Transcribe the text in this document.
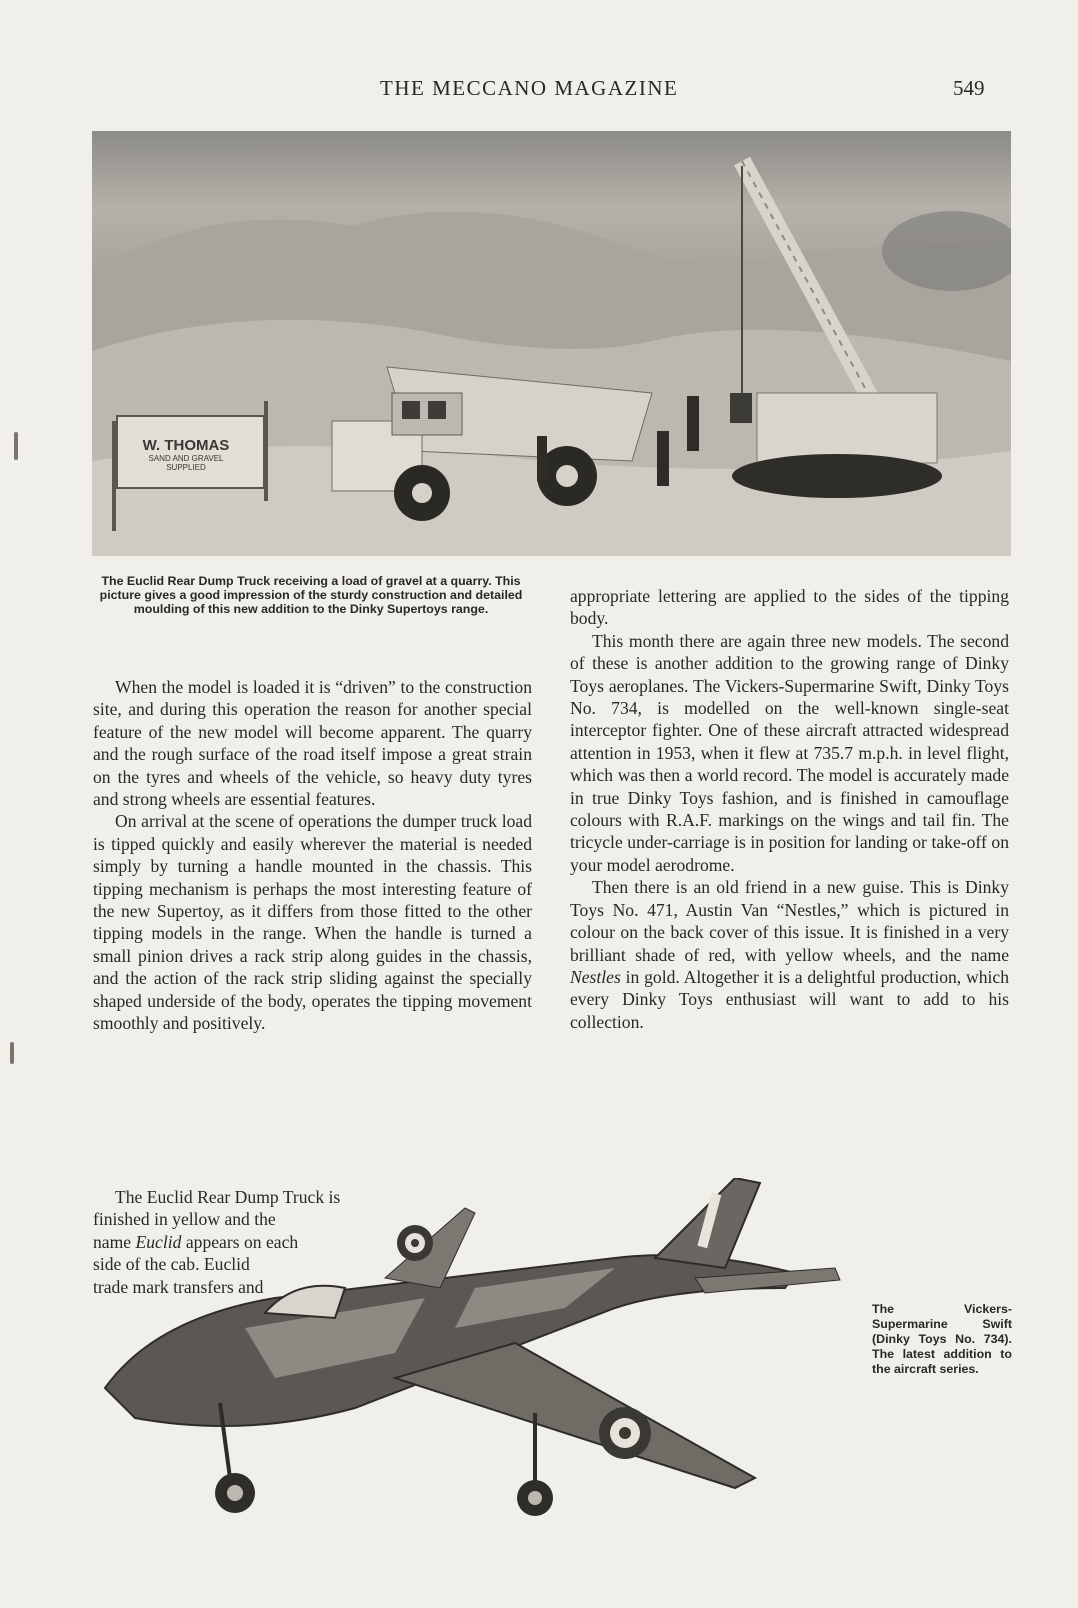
THE MECCANO MAGAZINE	549
W. THOMAS
SAND AND GRAVEL
SUPPLIED
The Euclid Rear Dump Truck receiving a load of gravel at a quarry. This picture gives a good impression of the sturdy construction and detailed moulding of this new addition to the Dinky Supertoys range.

When the model is loaded it is “driven” to the construction site, and during this operation the reason for another special feature of the new model will become apparent. The quarry and the rough surface of the road itself impose a great strain on the tyres and wheels of the vehicle, so heavy duty tyres and strong wheels are essential features.

On arrival at the scene of operations the dumper truck load is tipped quickly and easily wherever the material is needed simply by turning a handle mounted in the chassis. This tipping mechanism is perhaps the most interesting feature of the new Supertoy, as it differs from those fitted to the other tipping models in the range. When the handle is turned a small pinion drives a rack strip along guides in the chassis, and the action of the rack strip sliding against the specially shaped underside of the body, operates the tipping movement smoothly and positively.

The Euclid Rear Dump Truck is

finished in yellow and the

name Euclid appears on each

side of the cab. Euclid

trade mark transfers and

appropriate lettering are applied to the sides of the tipping body.

This month there are again three new models. The second of these is another addition to the growing range of Dinky Toys aeroplanes. The Vickers-Supermarine Swift, Dinky Toys No. 734, is modelled on the well-known single-seat interceptor fighter. One of these aircraft attracted widespread attention in 1953, when it flew at 735.7 m.p.h. in level flight, which was then a world record. The model is accurately made in true Dinky Toys fashion, and is finished in camouflage colours with R.A.F. markings on the wings and tail fin. The tricycle under-carriage is in position for landing or take-off on your model aerodrome.

Then there is an old friend in a new guise. This is Dinky Toys No. 471, Austin Van “Nestles,” which is pictured in colour on the back cover of this issue. It is finished in a very brilliant shade of red, with yellow wheels, and the name Nestles in gold. Altogether it is a delightful production, which every Dinky Toys enthusiast will want to add to his collection.

The Vickers-Supermarine Swift (Dinky Toys No. 734). The latest addition to the aircraft series.
